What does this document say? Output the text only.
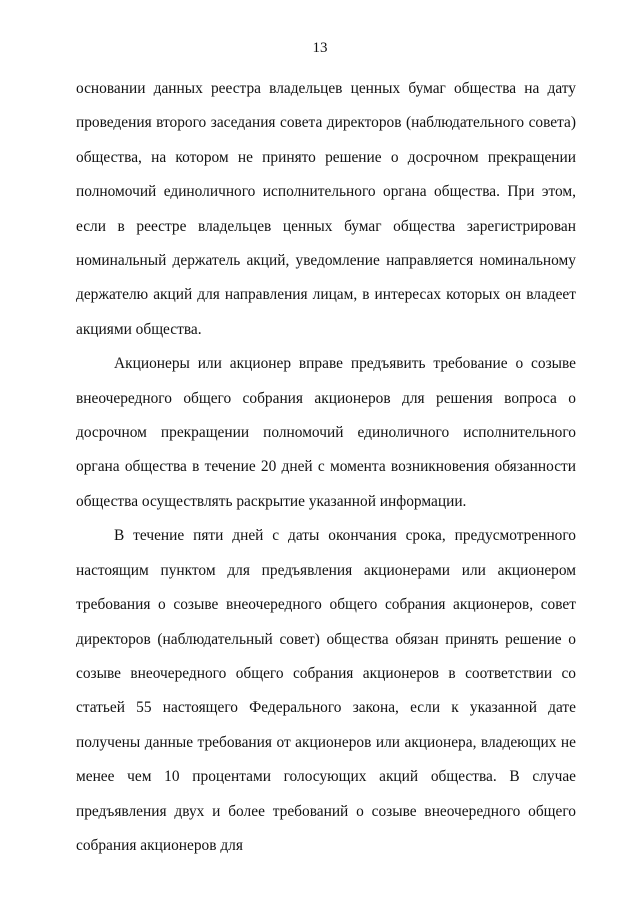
13

основании данных реестра владельцев ценных бумаг общества на дату проведения второго заседания совета директоров (наблюдательного совета) общества, на котором не принято решение о досрочном прекращении полномочий единоличного исполнительного органа общества. При этом, если в реестре владельцев ценных бумаг общества зарегистрирован номинальный держатель акций, уведомление направляется номинальному держателю акций для направления лицам, в интересах которых он владеет акциями общества.

Акционеры или акционер вправе предъявить требование о созыве внеочередного общего собрания акционеров для решения вопроса о досрочном прекращении полномочий единоличного исполнительного органа общества в течение 20 дней с момента возникновения обязанности общества осуществлять раскрытие указанной информации.

В течение пяти дней с даты окончания срока, предусмотренного настоящим пунктом для предъявления акционерами или акционером требования о созыве внеочередного общего собрания акционеров, совет директоров (наблюдательный совет) общества обязан принять решение о созыве внеочередного общего собрания акционеров в соответствии со статьей 55 настоящего Федерального закона, если к указанной дате получены данные требования от акционеров или акционера, владеющих не менее чем 10 процентами голосующих акций общества. В случае предъявления двух и более требований о созыве внеочередного общего собрания акционеров для
